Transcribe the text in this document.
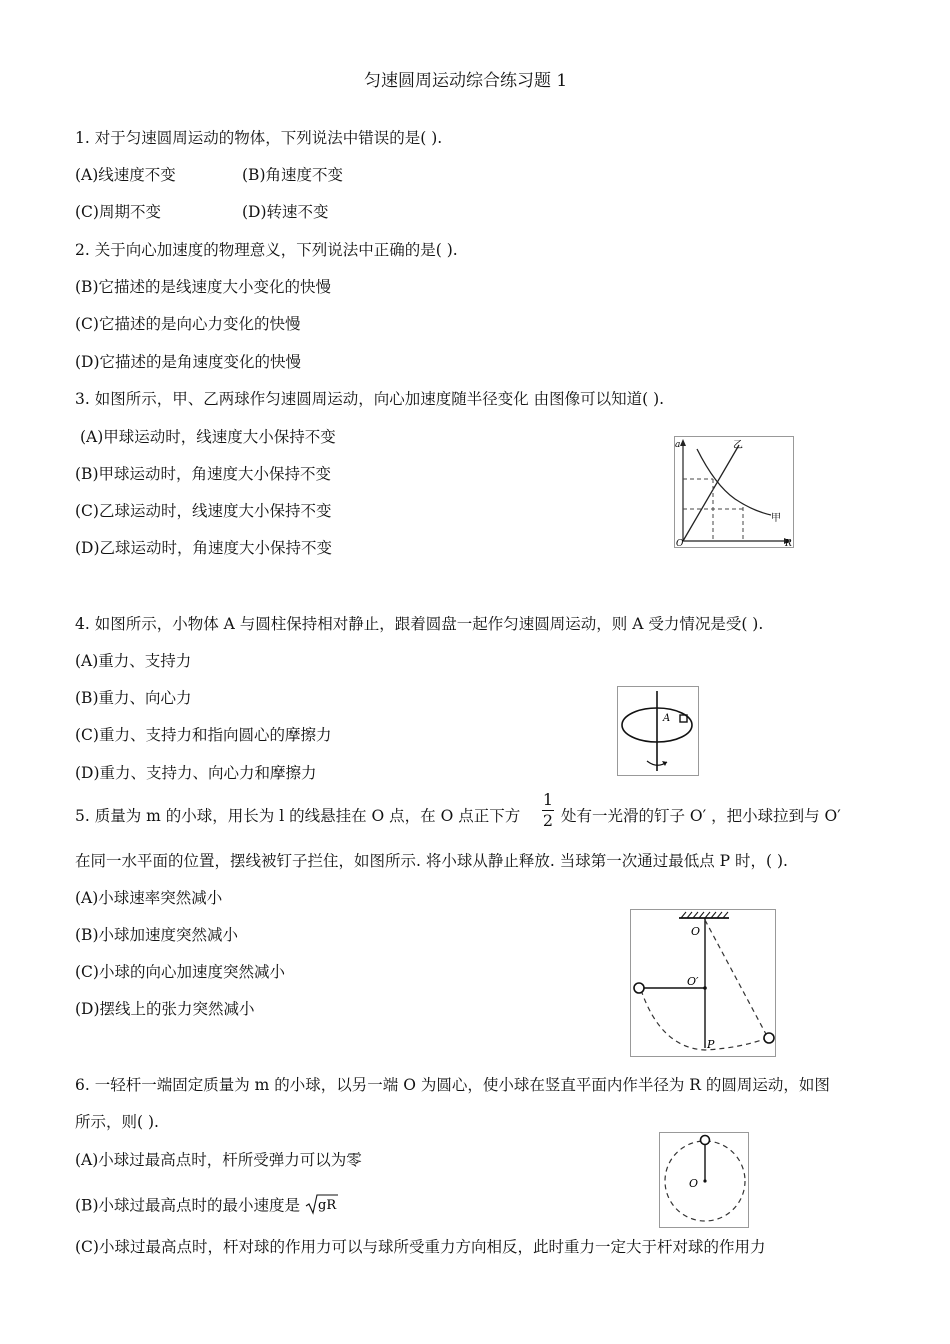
匀速圆周运动综合练习题 1
1. 对于匀速圆周运动的物体，下列说法中错误的是( ).
(A)线速度不变	(B)角速度不变
(C)周期不变	(D)转速不变
2. 关于向心加速度的物理意义，下列说法中正确的是( ).
(B)它描述的是线速度大小变化的快慢
(C)它描述的是向心力变化的快慢
(D)它描述的是角速度变化的快慢
3. 如图所示，甲、乙两球作匀速圆周运动，向心加速度随半径变化 由图像可以知道( ).
(A)甲球运动时，线速度大小保持不变
(B)甲球运动时，角速度大小保持不变
(C)乙球运动时，线速度大小保持不变
(D)乙球运动时，角速度大小保持不变
a	乙
甲
O	R
4. 如图所示，小物体 A 与圆柱保持相对静止，跟着圆盘一起作匀速圆周运动，则 A 受力情况是受( ).
(A)重力、支持力
(B)重力、向心力
(C)重力、支持力和指向圆心的摩擦力
(D)重力、支持力、向心力和摩擦力
A
5. 质量为 m 的小球，用长为 l 的线悬挂在 O 点，在 O 点正下方
1
2 处有一光滑的钉子 O′ ，把小球拉到与 O′
在同一水平面的位置，摆线被钉子拦住，如图所示. 将小球从静止释放. 当球第一次通过最低点 P 时，( ).
(A)小球速率突然减小
(B)小球加速度突然减小
(C)小球的向心加速度突然减小
(D)摆线上的张力突然减小
O
O′
P
6. 一轻杆一端固定质量为 m 的小球，以另一端 O 为圆心，使小球在竖直平面内作半径为 R 的圆周运动，如图
所示，则( ).
(A)小球过最高点时，杆所受弹力可以为零
(B)小球过最高点时的最小速度是 gR
(C)小球过最高点时，杆对球的作用力可以与球所受重力方向相反，此时重力一定大于杆对球的作用力
O
